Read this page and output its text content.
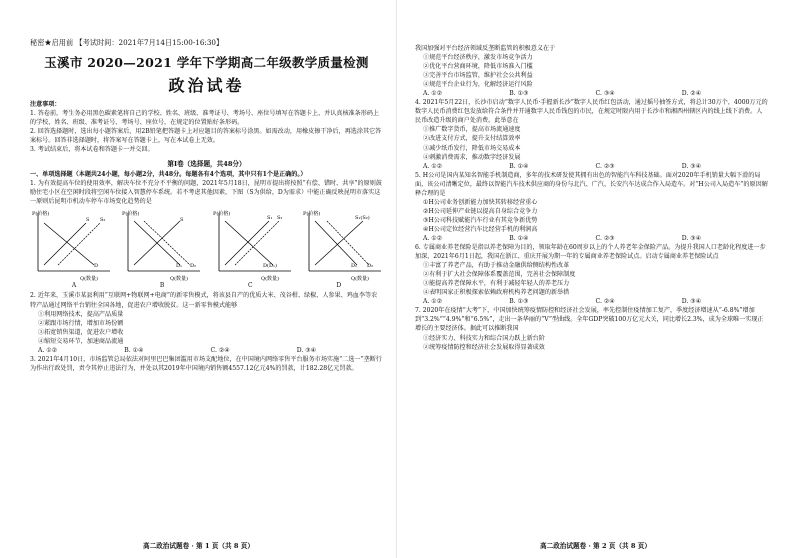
秘密★启用前 【考试时间：2021年7月14日15:00-16:30】
玉溪市 2020—2021 学年下学期高二年级教学质量检测
政治试卷

注意事项：

1. 答卷前，考生务必用黑色碳素笔将自己的学校、姓名、班级、准考证号、考场号、座位号填写在答题卡上，并认真核准条形码上的学校、姓名、班级、准考证号、考场号、座位号，在规定的位置贴好条形码。

2. 回答选择题时，选出每小题答案后，用2B铅笔把答题卡上对应题目的答案标号涂黑。如需改动，用橡皮擦干净后，再选涂其它答案标号。回答非选择题时，将答案写在答题卡上，写在本试卷上无效。

3. 考试结束后，将本试卷和答题卡一并交回。

第Ⅰ卷（选择题，共48分）

一、单项选择题（本题共24小题，每小题2分，共48分。每题各有4个选项，其中只有1个是正确的。）

1. 为有效提高车位的使用效率，解决车位不充分不平衡的问题，2021年5月18日，昆明市提出将按照“有偿、错时、共享”的原则鼓励住宅小区在空闲时段将空闲车位接入智慧停车系统。若不考虑其他因素，下图（S为供给，D为需求）中能正确反映昆明市落实这一原则后昆明市机动车停车市场变化趋势的是

P(价格)
S S₂
D
Q(数量)
P(价格)
S
D₁ D₂
Q(数量)
P(价格)
S₁ S₂
D(D₁)
Q(数量)
P(价格)
S₁(S₂)
D₁ D₂
Q(数量)
A	B	C	D

2. 近年来，玉溪市某县利用“互联网+物联网+电商”的新零售模式，将该县自产的优质大米、茂谷柑、绿椒、人参果、鸡血李等农特产品通过网络平台销往全国各地，促进农户增收脱贫。这一新零售模式能够

①利用网络技术，提高产品质量

②紧跟市场行情，增加市场份额

③拓宽销售渠道，促进农户增收

④缩短交易环节，加速商品流通

A. ①②	B. ①④	C. ②④	D. ③④

3. 2021年4月10日，市场监管总局依法对阿里巴巴集团滥用市场支配地位，在中国境内网络零售平台服务市场实施“二选一”垄断行为作出行政处罚，责令其停止违法行为，并处以其2019年中国境内销售额4557.12亿元4%的罚款，计182.28亿元罚款。

高二政治试题卷 · 第 1 页（共 8 页）

我国加强对平台经济领域反垄断监管的积极意义在于

①规范平台经济秩序，激发市场竞争活力

②优化平台营商环境，降低市场准入门槛

③完善平台市场监管，维护社会公共利益

④规范平台企业行为，化解经济运行风险

A. ①②	B. ①③	C. ③④	D. ②④

4. 2021年5月22日，长沙市启动“数字人民币·手握新长沙”数字人民币红包活动，通过摇号抽签方式，将总计30万个，4000万元的数字人民币消费红包发放给符合条件并开通数字人民币钱包的市民，在规定时限内用于长沙市和湘西州辖区内的线上线下消费。人民币改造升级的商户处消费。此举意在

①推广数字货币，提高市场流通速度

②改进支付方式，提升支付结算效率

③减少纸币发行，降低市场交易成本

④刺激消费需求，推动数字经济发展

A. ①②	B. ①④	C. ②③	D. ③④

5. H公司是国内某知名智能手机制造商，多年的技术研发使其拥有出色的智能汽车科技基础。面对2020年手机销量大幅下滑的局面，该公司清晰定位，最终以智能汽车技术供应商的身份与北汽、广汽、长安汽车达成合作入局造车。对“H公司入局造车”的原因解释合理的是

①H公司业务创新能力加快其转移经营重心

②H公司延伸产业链以提高自身综合竞争力

③H公司科技赋能汽车行业有其竞争新优势

④H公司定位经营汽车比经营手机的利润高

A. ①②	B. ①④	C. ②③	D. ③④

6. 专属商业养老保险是指以养老保障为目的，领取年龄在60周岁以上的个人养老年金保险产品。为提升我国人口老龄化程度进一步加深，2021年6月1日起，我国在浙江、重庆开展为期一年的专属商业养老保险试点。启动专属商业养老保险试点

①丰富了养老产品，有助于推动金融供给侧结构性改革

②有利于扩大社会保障体系覆盖范围，完善社会保障制度

③能提高养老保障水平，有利于减轻年轻人的养老压力

④表明国家正积极探索依赖政府机构养老问题的新举措

A. ①②	B. ①③	C. ②④	D. ③④

7. 2020年在疫情“大考”下，中国加快统筹疫情防控和经济社会发展，率先控制住疫情加工复产，季度经济增速从“-6.8%”增加到“3.2%”“4.9%”和“6.5%”，走出一条华丽的“V”型曲线。全年GDP突破100万亿元大关，同比增长2.3%，成为全球唯一实现正增长的主要经济体。据此可以推断我国

①经济实力、科技实力和综合国力跃上新台阶

②统筹疫情防控和经济社会发展取得显著成效

高二政治试题卷 · 第 2 页（共 8 页）
